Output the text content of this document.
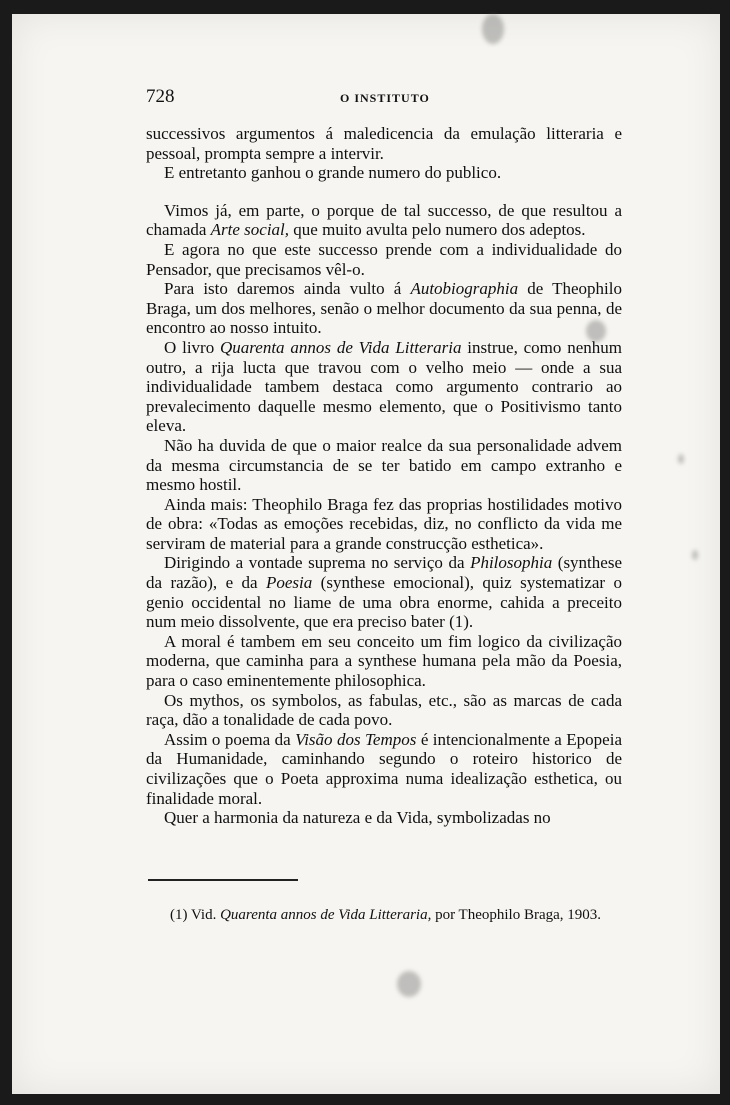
728	O INSTITUTO

successivos argumentos á maledicencia da emulação litteraria e pessoal, prompta sempre a intervir.

E entretanto ganhou o grande numero do publico.

Vimos já, em parte, o porque de tal successo, de que resultou a chamada Arte social, que muito avulta pelo numero dos adeptos.

E agora no que este successo prende com a individualidade do Pensador, que precisamos vêl-o.

Para isto daremos ainda vulto á Autobiographia de Theophilo Braga, um dos melhores, senão o melhor documento da sua penna, de encontro ao nosso intuito.

O livro Quarenta annos de Vida Litteraria instrue, como nenhum outro, a rija lucta que travou com o velho meio — onde a sua individualidade tambem destaca como argumento contrario ao prevalecimento daquelle mesmo elemento, que o Positivismo tanto eleva.

Não ha duvida de que o maior realce da sua personalidade advem da mesma circumstancia de se ter batido em campo extranho e mesmo hostil.

Ainda mais: Theophilo Braga fez das proprias hostilidades motivo de obra: «Todas as emoções recebidas, diz, no conflicto da vida me serviram de material para a grande construcção esthetica».

Dirigindo a vontade suprema no serviço da Philosophia (synthese da razão), e da Poesia (synthese emocional), quiz systematizar o genio occidental no liame de uma obra enorme, cahida a preceito num meio dissolvente, que era preciso bater (1).

A moral é tambem em seu conceito um fim logico da civilização moderna, que caminha para a synthese humana pela mão da Poesia, para o caso eminentemente philosophica.

Os mythos, os symbolos, as fabulas, etc., são as marcas de cada raça, dão a tonalidade de cada povo.

Assim o poema da Visão dos Tempos é intencionalmente a Epopeia da Humanidade, caminhando segundo o roteiro historico de civilizações que o Poeta approxima numa idealização esthetica, ou finalidade moral.

Quer a harmonia da natureza e da Vida, symbolizadas no

(1) Vid. Quarenta annos de Vida Litteraria, por Theophilo Braga, 1903.
